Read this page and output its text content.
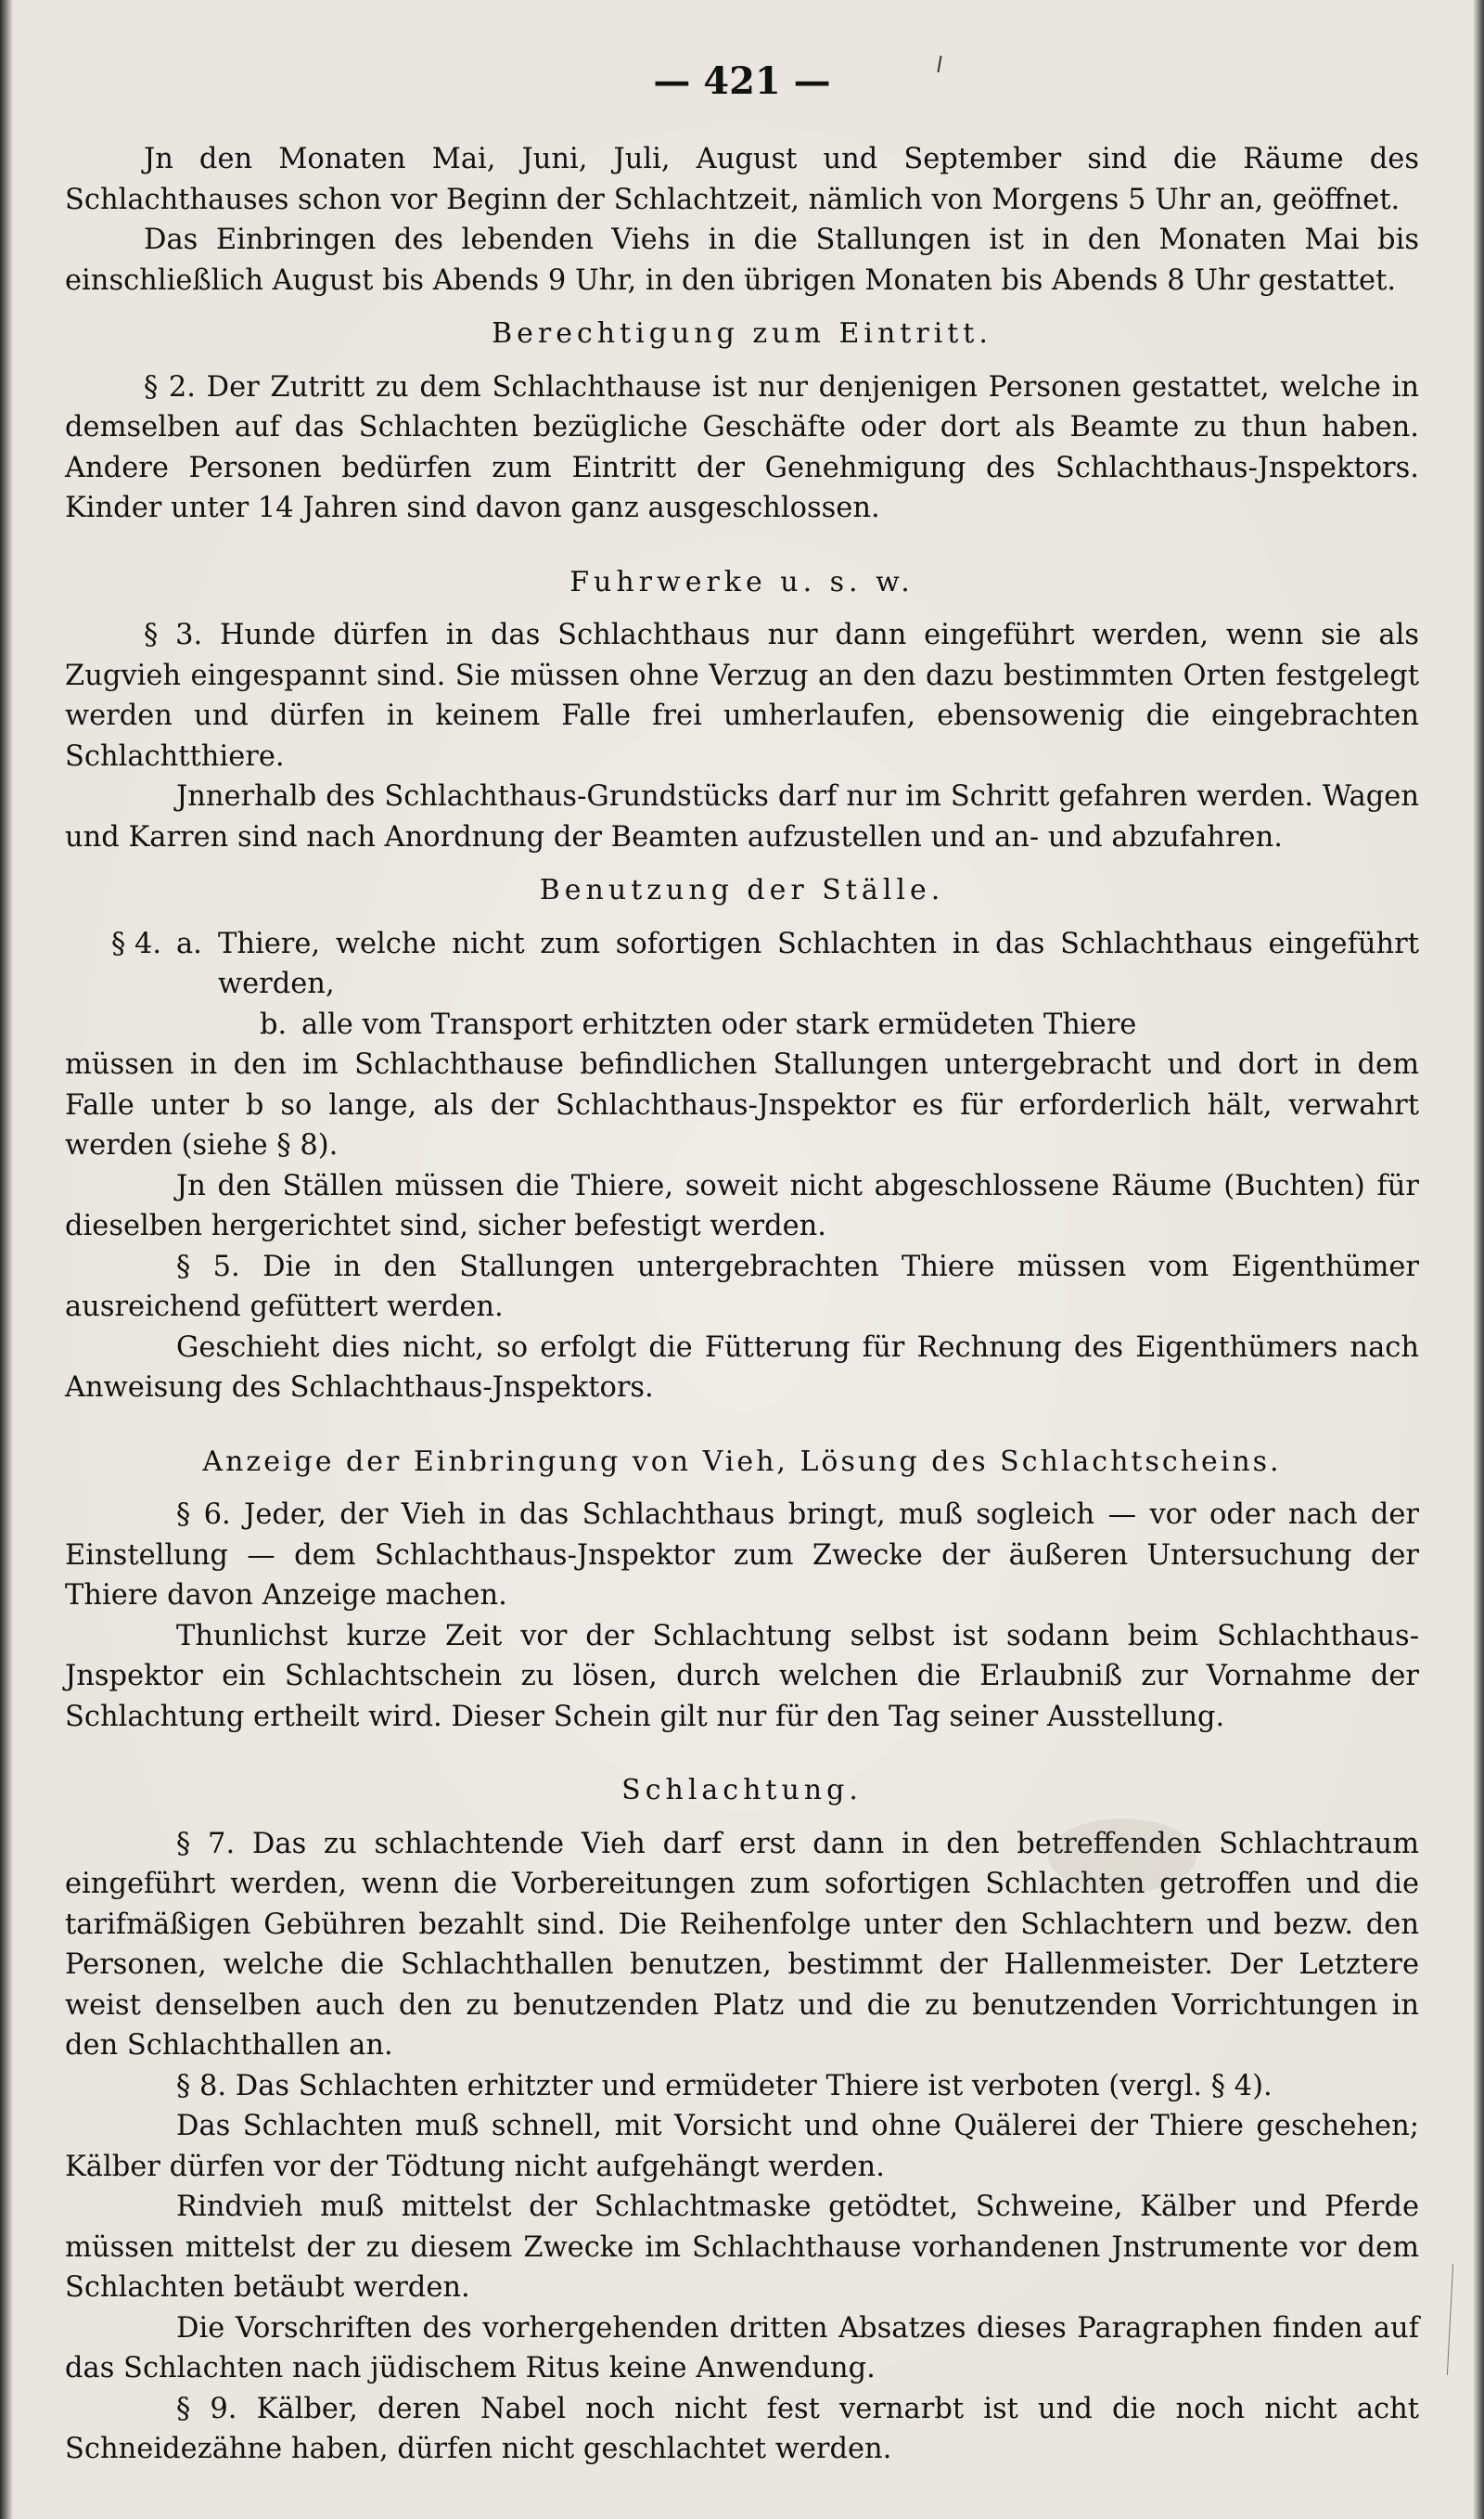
— 421 —

Jn den Monaten Mai, Juni, Juli, August und September sind die Räume des Schlachthauses schon vor Beginn der Schlachtzeit, nämlich von Morgens 5 Uhr an, geöffnet.

Das Einbringen des lebenden Viehs in die Stallungen ist in den Monaten Mai bis einschließlich August bis Abends 9 Uhr, in den übrigen Monaten bis Abends 8 Uhr gestattet.

Berechtigung zum Eintritt.

§ 2. Der Zutritt zu dem Schlachthause ist nur denjenigen Personen gestattet, welche in demselben auf das Schlachten bezügliche Geschäfte oder dort als Beamte zu thun haben. Andere Personen bedürfen zum Eintritt der Genehmigung des Schlachthaus-Jnspektors. Kinder unter 14 Jahren sind davon ganz ausgeschlossen.

Fuhrwerke u. s. w.

§ 3. Hunde dürfen in das Schlachthaus nur dann eingeführt werden, wenn sie als Zugvieh eingespannt sind. Sie müssen ohne Verzug an den dazu bestimmten Orten festgelegt werden und dürfen in keinem Falle frei umherlaufen, ebensowenig die eingebrachten Schlachtthiere.

Jnnerhalb des Schlachthaus-Grundstücks darf nur im Schritt gefahren werden. Wagen und Karren sind nach Anordnung der Beamten aufzustellen und an- und abzufahren.

Benutzung der Ställe.

§ 4. a. Thiere, welche nicht zum sofortigen Schlachten in das Schlachthaus eingeführt werden,
b. alle vom Transport erhitzten oder stark ermüdeten Thiere

müssen in den im Schlachthause befindlichen Stallungen untergebracht und dort in dem Falle unter b so lange, als der Schlachthaus-Jnspektor es für erforderlich hält, verwahrt werden (siehe § 8).

Jn den Ställen müssen die Thiere, soweit nicht abgeschlossene Räume (Buchten) für dieselben hergerichtet sind, sicher befestigt werden.

§ 5. Die in den Stallungen untergebrachten Thiere müssen vom Eigenthümer ausreichend gefüttert werden.

Geschieht dies nicht, so erfolgt die Fütterung für Rechnung des Eigenthümers nach Anweisung des Schlachthaus-Jnspektors.

Anzeige der Einbringung von Vieh, Lösung des Schlachtscheins.

§ 6. Jeder, der Vieh in das Schlachthaus bringt, muß sogleich — vor oder nach der Einstellung — dem Schlachthaus-Jnspektor zum Zwecke der äußeren Untersuchung der Thiere davon Anzeige machen.

Thunlichst kurze Zeit vor der Schlachtung selbst ist sodann beim Schlachthaus-Jnspektor ein Schlachtschein zu lösen, durch welchen die Erlaubniß zur Vornahme der Schlachtung ertheilt wird. Dieser Schein gilt nur für den Tag seiner Ausstellung.

Schlachtung.

§ 7. Das zu schlachtende Vieh darf erst dann in den betreffenden Schlachtraum eingeführt werden, wenn die Vorbereitungen zum sofortigen Schlachten getroffen und die tarifmäßigen Gebühren bezahlt sind. Die Reihenfolge unter den Schlachtern und bezw. den Personen, welche die Schlachthallen benutzen, bestimmt der Hallenmeister. Der Letztere weist denselben auch den zu benutzenden Platz und die zu benutzenden Vorrichtungen in den Schlachthallen an.

§ 8. Das Schlachten erhitzter und ermüdeter Thiere ist verboten (vergl. § 4).

Das Schlachten muß schnell, mit Vorsicht und ohne Quälerei der Thiere geschehen; Kälber dürfen vor der Tödtung nicht aufgehängt werden.

Rindvieh muß mittelst der Schlachtmaske getödtet, Schweine, Kälber und Pferde müssen mittelst der zu diesem Zwecke im Schlachthause vorhandenen Jnstrumente vor dem Schlachten betäubt werden.

Die Vorschriften des vorhergehenden dritten Absatzes dieses Paragraphen finden auf das Schlachten nach jüdischem Ritus keine Anwendung.

§ 9. Kälber, deren Nabel noch nicht fest vernarbt ist und die noch nicht acht Schneidezähne haben, dürfen nicht geschlachtet werden.
